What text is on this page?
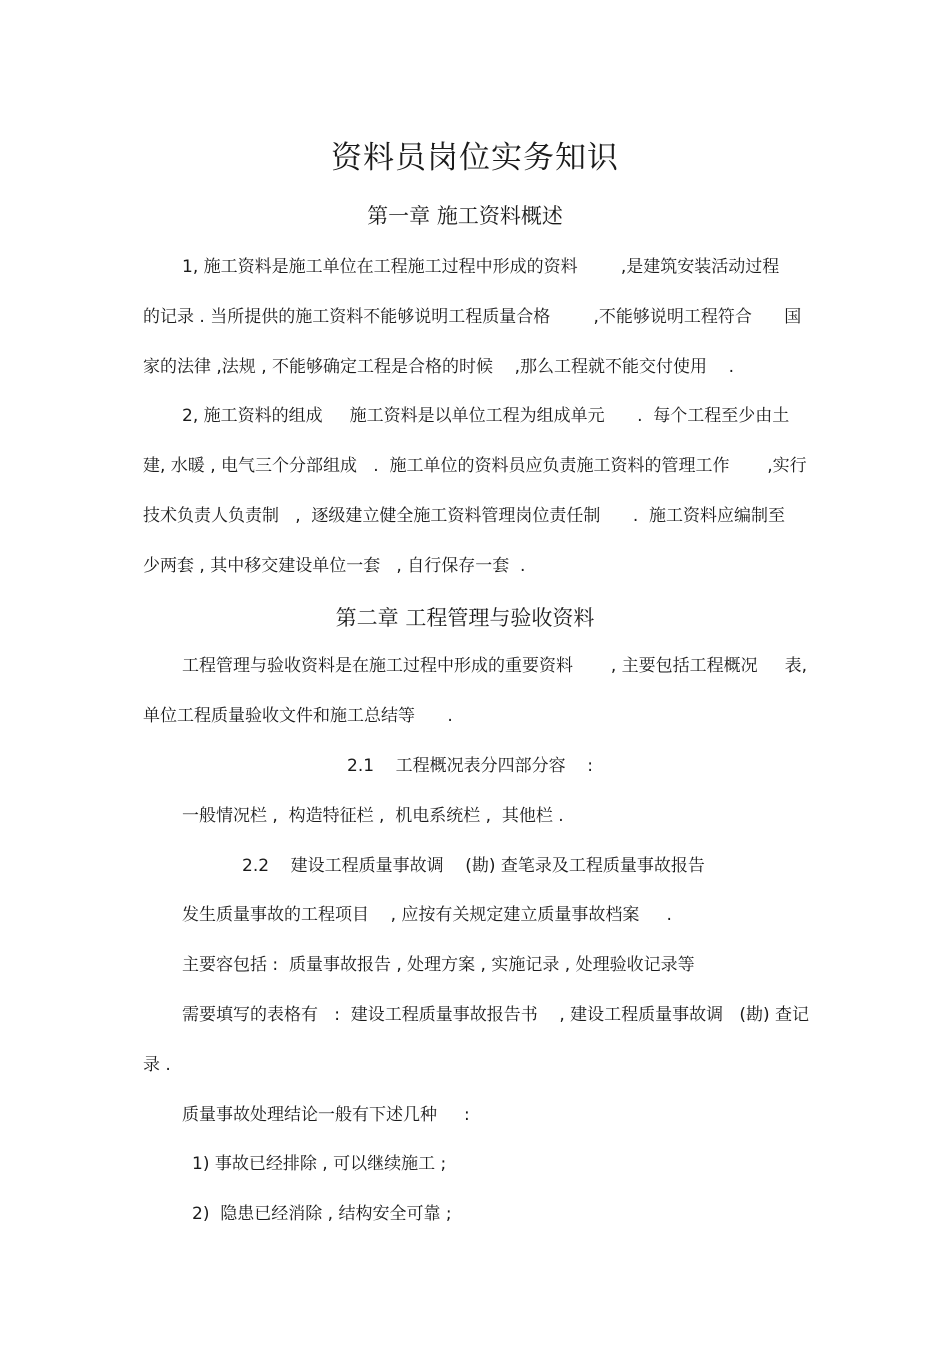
资料员岗位实务知识
第一章 施工资料概述
1, 施工资料是施工单位在工程施工过程中形成的资料        ,是建筑安装活动过程
的记录 . 当所提供的施工资料不能够说明工程质量合格        ,不能够说明工程符合      国
家的法律 ,法规 , 不能够确定工程是合格的时候    ,那么工程就不能交付使用    .
2, 施工资料的组成     施工资料是以单位工程为组成单元      .  每个工程至少由土
建, 水暖 , 电气三个分部组成   .  施工单位的资料员应负责施工资料的管理工作       ,实行
技术负责人负责制   ,  逐级建立健全施工资料管理岗位责任制      .  施工资料应编制至
少两套 , 其中移交建设单位一套   , 自行保存一套  .
第二章 工程管理与验收资料
工程管理与验收资料是在施工过程中形成的重要资料       , 主要包括工程概况     表,
单位工程质量验收文件和施工总结等      .
2.1    工程概况表分四部分容    :
一般情况栏 ,  构造特征栏 ,  机电系统栏 ,  其他栏 .
2.2    建设工程质量事故调    (勘) 查笔录及工程质量事故报告
发生质量事故的工程项目    , 应按有关规定建立质量事故档案     .
主要容包括 :  质量事故报告 , 处理方案 , 实施记录 , 处理验收记录等
需要填写的表格有   :  建设工程质量事故报告书    , 建设工程质量事故调   (勘) 查记
录 .
质量事故处理结论一般有下述几种     :
1) 事故已经排除 , 可以继续施工 ;
2)  隐患已经消除 , 结构安全可靠 ;
